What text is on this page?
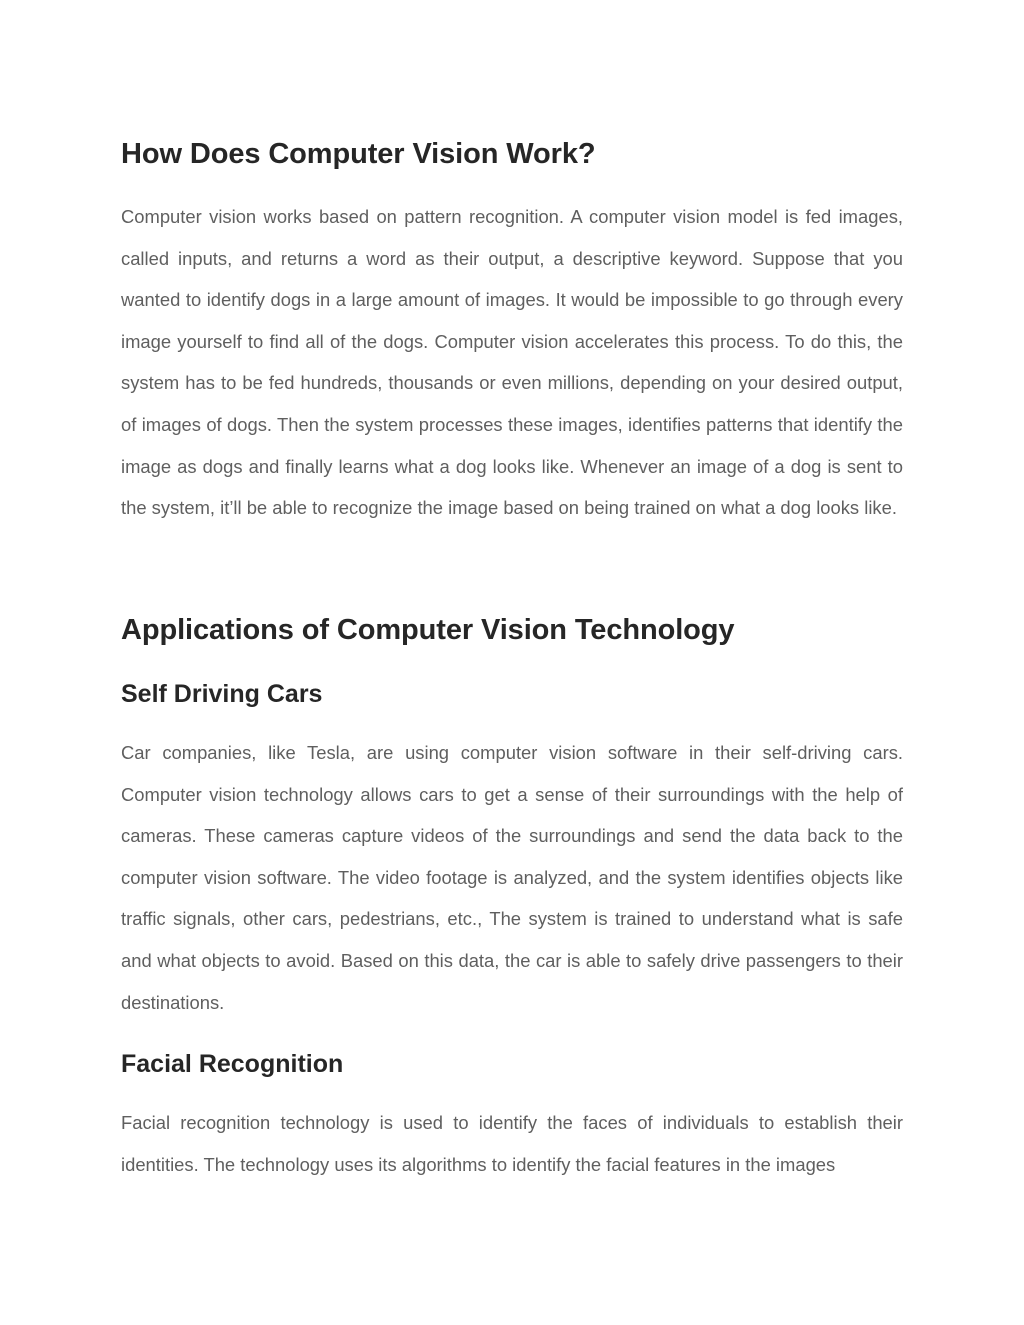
How Does Computer Vision Work?

Computer vision works based on pattern recognition. A computer vision model is fed images, called inputs, and returns a word as their output, a descriptive keyword. Suppose that you wanted to identify dogs in a large amount of images. It would be impossible to go through every image yourself to find all of the dogs. Computer vision accelerates this process. To do this, the system has to be fed hundreds, thousands or even millions, depending on your desired output, of images of dogs. Then the system processes these images, identifies patterns that identify the image as dogs and finally learns what a dog looks like. Whenever an image of a dog is sent to the system, it’ll be able to recognize the image based on being trained on what a dog looks like.

Applications of Computer Vision Technology
Self Driving Cars

Car companies, like Tesla, are using computer vision software in their self-driving cars. Computer vision technology allows cars to get a sense of their surroundings with the help of cameras. These cameras capture videos of the surroundings and send the data back to the computer vision software. The video footage is analyzed, and the system identifies objects like traffic signals, other cars, pedestrians, etc., The system is trained to understand what is safe and what objects to avoid. Based on this data, the car is able to safely drive passengers to their destinations.

Facial Recognition

Facial recognition technology is used to identify the faces of individuals to establish their identities. The technology uses its algorithms to identify the facial features in the images
